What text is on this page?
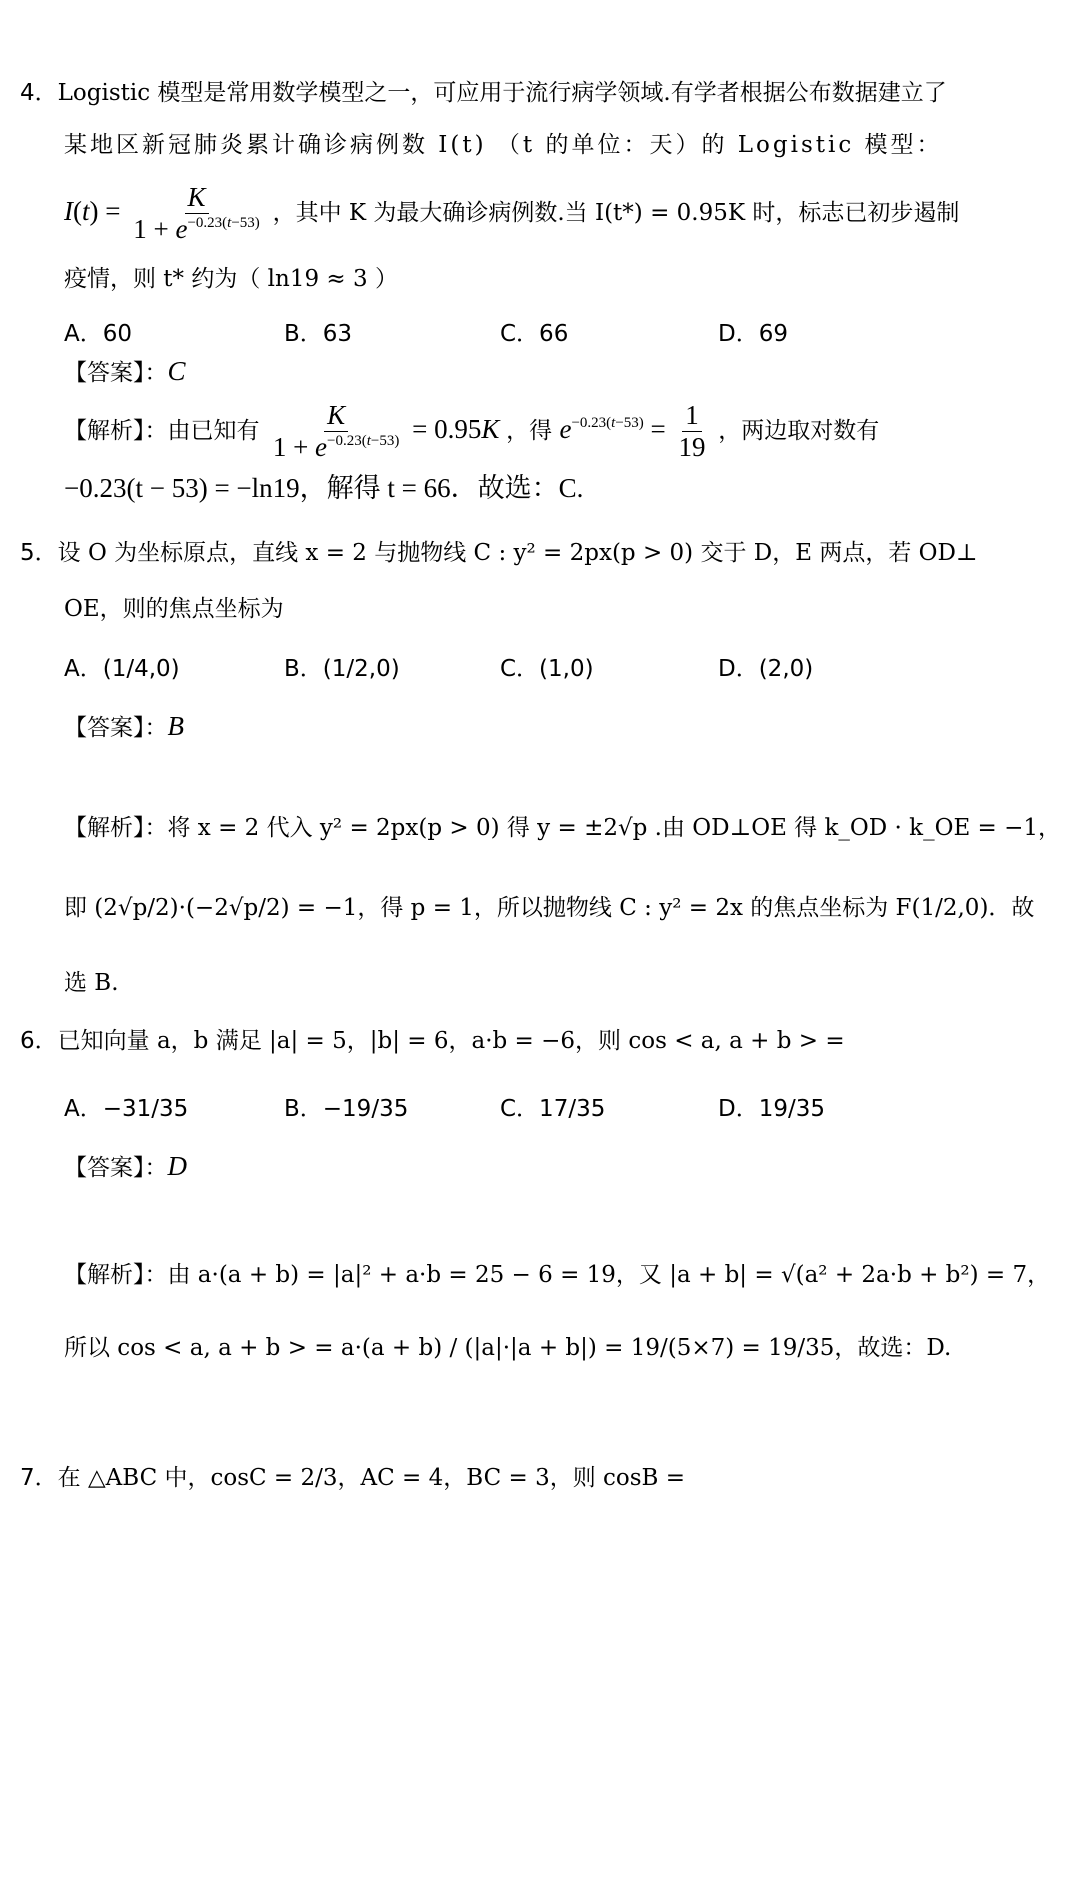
4．Logistic 模型是常用数学模型之一，可应用于流行病学领域.有学者根据公布数据建立了
某地区新冠肺炎累计确诊病例数 I(t) （t 的单位：天）的 Logistic 模型：
$I(t) = \frac{K}{1 + e^{-0.23(t-53)}}$ ，其中 K 为最大确诊病例数.当 I(t*) = 0.95K 时，标志已初步遏制
疫情，则 t* 约为（ ln19 ≈ 3 ）
A．60	B．63	C．66	D．69
【答案】：C
【解析】：由已知有 $\frac{K}{1 + e^{-0.23(t-53)}} = 0.95K$ ，得 $e^{-0.23(t-53)} = \frac{1}{19}$ ，两边取对数有
−0.23(t − 53) = −ln19，解得 t = 66．故选：C.
5．设 O 为坐标原点，直线 x = 2 与抛物线 C : y² = 2px(p > 0) 交于 D，E 两点，若 OD⊥
OE，则的焦点坐标为
A．(1/4,0)	B．(1/2,0)	C．(1,0)	D．(2,0)
【答案】：B
【解析】：将 x = 2 代入 y² = 2px(p > 0) 得 y = ±2√p .由 OD⊥OE 得 k_OD · k_OE = −1，
即 (2√p/2)·(−2√p/2) = −1，得 p = 1，所以抛物线 C : y² = 2x 的焦点坐标为 F(1/2,0)．故
选 B.
6．已知向量 a，b 满足 |a| = 5，|b| = 6，a·b = −6，则 cos < a, a + b > =
A．−31/35	B．−19/35	C．17/35	D．19/35
【答案】：D
【解析】：由 a·(a + b) = |a|² + a·b = 25 − 6 = 19，又 |a + b| = √(a² + 2a·b + b²) = 7，
所以 cos < a, a + b > = a·(a + b) / (|a|·|a + b|) = 19/(5×7) = 19/35，故选：D.
7．在 △ABC 中，cosC = 2/3，AC = 4，BC = 3，则 cosB =
